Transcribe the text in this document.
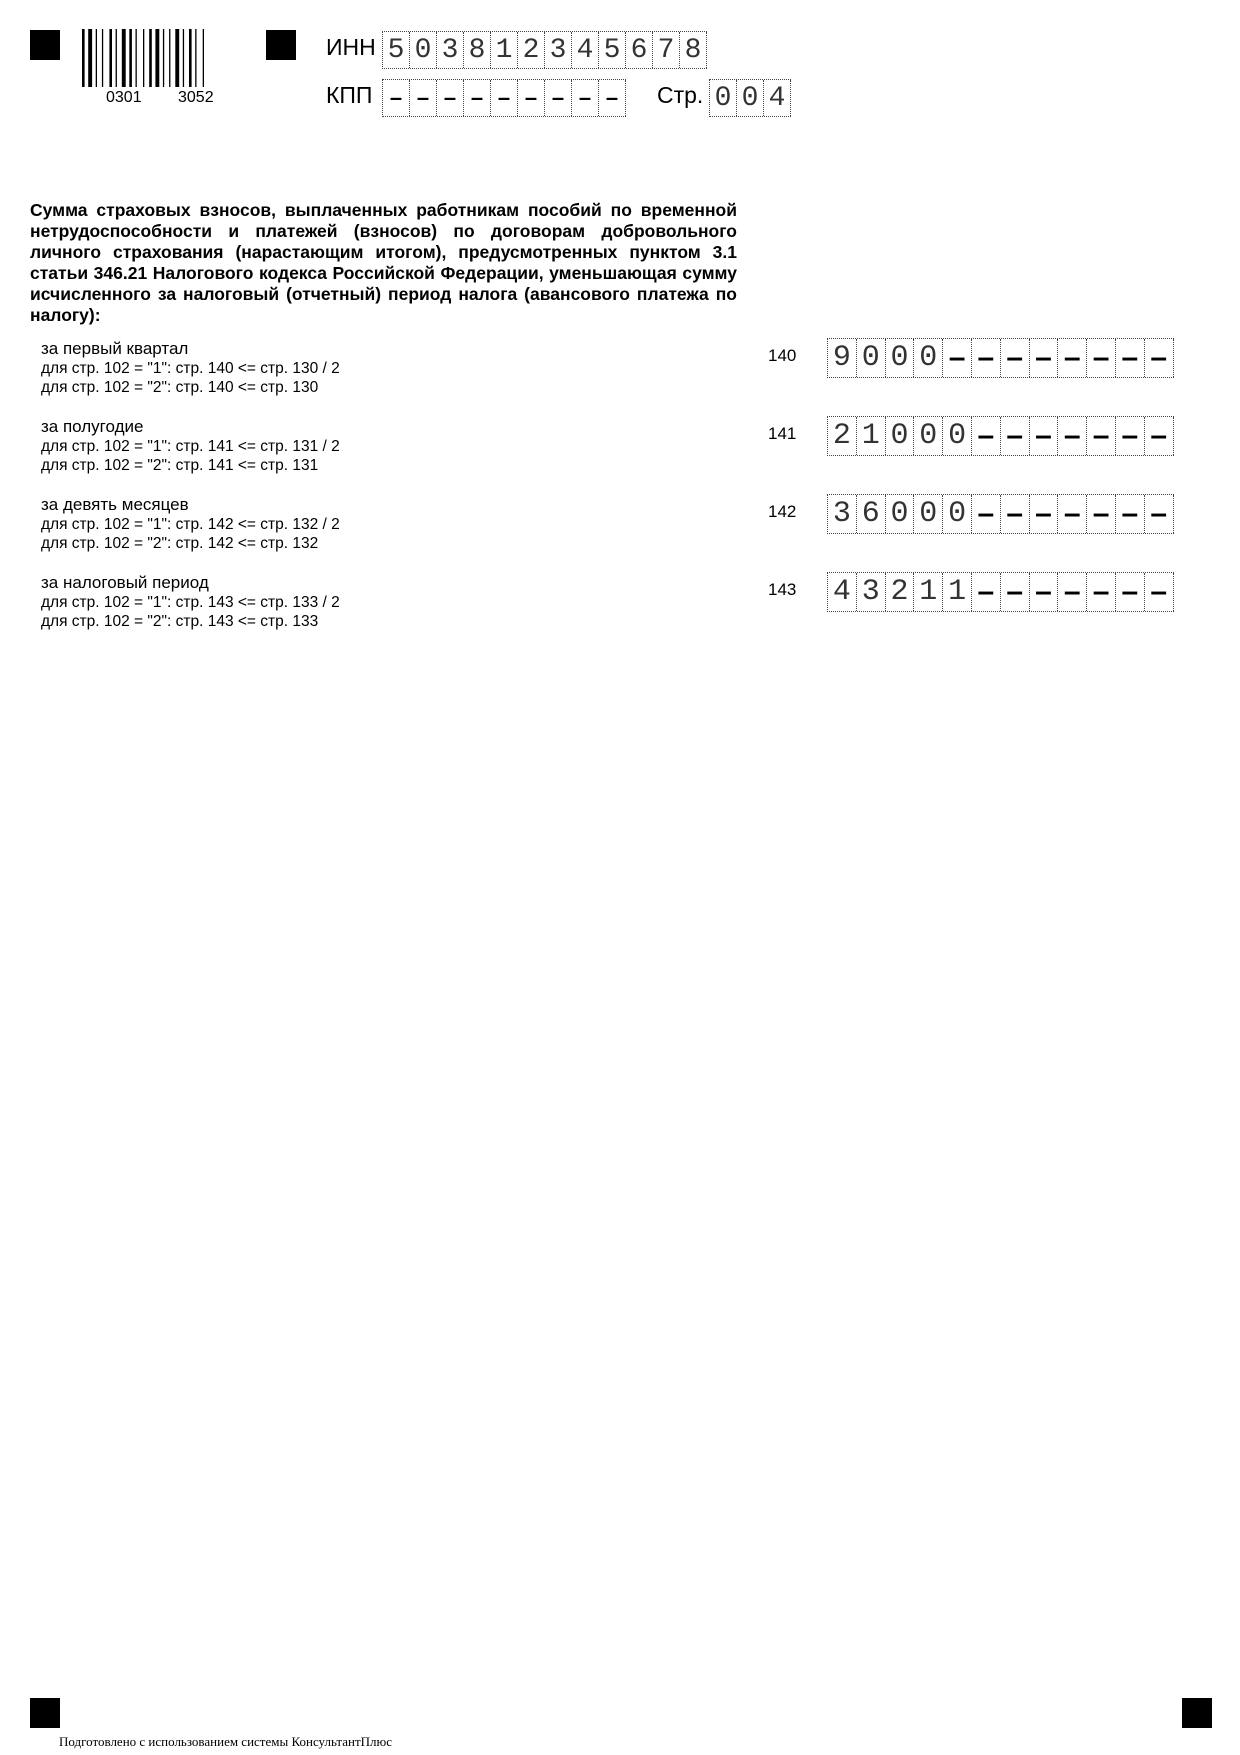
0301 3052
ИНН 5 0 3 8 1 2 3 4 5 6 7 8
КПП – – – – – – – – –	Стр. 0 0 4
Сумма страховых взносов, выплаченных работникам пособий по временной нетрудоспособности и платежей (взносов) по договорам добровольного личного страхования (нарастающим итогом), предусмотренных пунктом 3.1 статьи 346.21 Налогового кодекса Российской Федерации, уменьшающая сумму исчисленного за налоговый (отчетный) период налога (авансового платежа по налогу):
за первый квартал
для стр. 102 = "1": стр. 140 <= стр. 130 / 2
для стр. 102 = "2": стр. 140 <= стр. 130
140 9 0 0 0 – – – – – – – –
за полугодие
для стр. 102 = "1": стр. 141 <= стр. 131 / 2
для стр. 102 = "2": стр. 141 <= стр. 131
141 2 1 0 0 0 – – – – – – –
за девять месяцев
для стр. 102 = "1": стр. 142 <= стр. 132 / 2
для стр. 102 = "2": стр. 142 <= стр. 132
142 3 6 0 0 0 – – – – – – –
за налоговый период
для стр. 102 = "1": стр. 143 <= стр. 133 / 2
для стр. 102 = "2": стр. 143 <= стр. 133
143 4 3 2 1 1 – – – – – – –
Подготовлено с использованием системы КонсультантПлюс
